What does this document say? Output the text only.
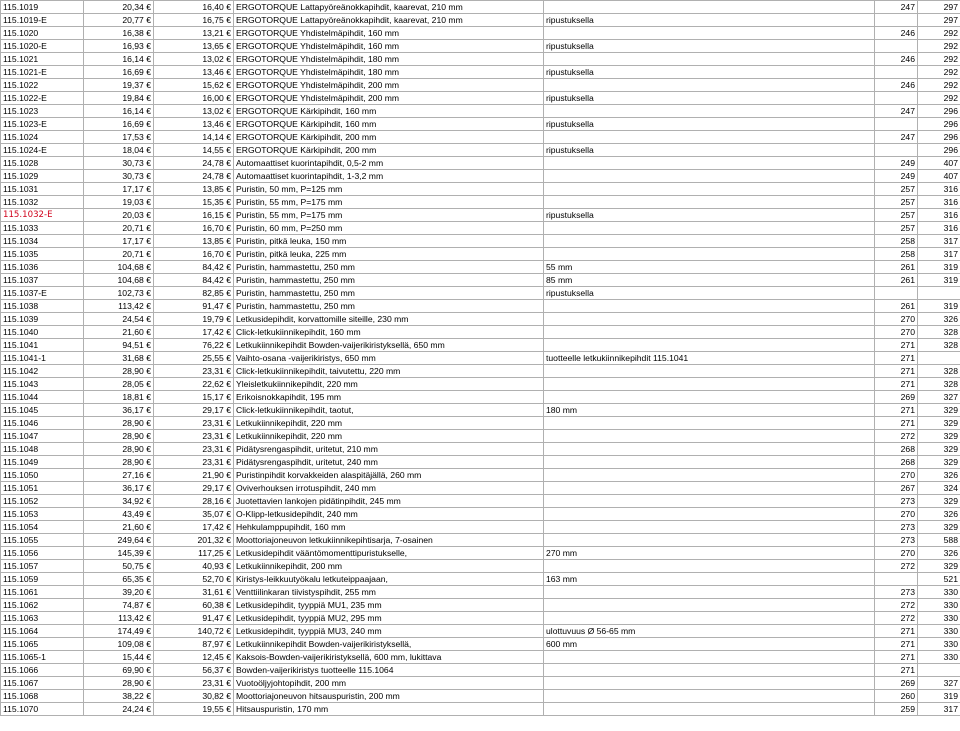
115.1019	20,34 €	16,40 €	ERGOTORQUE Lattapyöreänokkapihdit, kaarevat, 210 mm		247	297
115.1019-E	20,77 €	16,75 €	ERGOTORQUE Lattapyöreänokkapihdit, kaarevat, 210 mm	ripustuksella		297
115.1020	16,38 €	13,21 €	ERGOTORQUE Yhdistelmäpihdit, 160 mm		246	292
115.1020-E	16,93 €	13,65 €	ERGOTORQUE Yhdistelmäpihdit, 160 mm	ripustuksella		292
115.1021	16,14 €	13,02 €	ERGOTORQUE Yhdistelmäpihdit, 180 mm		246	292
115.1021-E	16,69 €	13,46 €	ERGOTORQUE Yhdistelmäpihdit, 180 mm	ripustuksella		292
115.1022	19,37 €	15,62 €	ERGOTORQUE Yhdistelmäpihdit, 200 mm		246	292
115.1022-E	19,84 €	16,00 €	ERGOTORQUE Yhdistelmäpihdit, 200 mm	ripustuksella		292
115.1023	16,14 €	13,02 €	ERGOTORQUE Kärkipihdit, 160 mm		247	296
115.1023-E	16,69 €	13,46 €	ERGOTORQUE Kärkipihdit, 160 mm	ripustuksella		296
115.1024	17,53 €	14,14 €	ERGOTORQUE Kärkipihdit, 200 mm		247	296
115.1024-E	18,04 €	14,55 €	ERGOTORQUE Kärkipihdit, 200 mm	ripustuksella		296
115.1028	30,73 €	24,78 €	Automaattiset kuorintapihdit, 0,5-2 mm		249	407
115.1029	30,73 €	24,78 €	Automaattiset kuorintapihdit, 1-3,2 mm		249	407
115.1031	17,17 €	13,85 €	Puristin, 50 mm, P=125 mm		257	316
115.1032	19,03 €	15,35 €	Puristin, 55 mm, P=175 mm		257	316
115.1032-E	20,03 €	16,15 €	Puristin, 55 mm, P=175 mm	ripustuksella	257	316
115.1033	20,71 €	16,70 €	Puristin, 60 mm, P=250 mm		257	316
115.1034	17,17 €	13,85 €	Puristin, pitkä leuka, 150 mm		258	317
115.1035	20,71 €	16,70 €	Puristin, pitkä leuka, 225 mm		258	317
115.1036	104,68 €	84,42 €	Puristin, hammastettu, 250 mm	55 mm	261	319
115.1037	104,68 €	84,42 €	Puristin, hammastettu, 250 mm	85 mm	261	319
115.1037-E	102,73 €	82,85 €	Puristin, hammastettu, 250 mm	ripustuksella		
115.1038	113,42 €	91,47 €	Puristin, hammastettu, 250 mm		261	319
115.1039	24,54 €	19,79 €	Letkusidepihdit, korvattomille siteille, 230 mm		270	326
115.1040	21,60 €	17,42 €	Click-letkukiinnikepihdit, 160 mm		270	328
115.1041	94,51 €	76,22 €	Letkukiinnikepihdit Bowden-vaijerikiristyksellä, 650 mm		271	328
115.1041-1	31,68 €	25,55 €	Vaihto-osana -vaijerikiristys, 650 mm	tuotteelle letkukiinnikepihdit 115.1041	271	
115.1042	28,90 €	23,31 €	Click-letkukiinnikepihdit, taivutettu, 220 mm		271	328
115.1043	28,05 €	22,62 €	Yleisletkukiinnikepihdit, 220 mm		271	328
115.1044	18,81 €	15,17 €	Erikoisnokkapihdit, 195 mm		269	327
115.1045	36,17 €	29,17 €	Click-letkukiinnikepihdit, taotut,	180 mm	271	329
115.1046	28,90 €	23,31 €	Letkukiinnikepihdit, 220 mm		271	329
115.1047	28,90 €	23,31 €	Letkukiinnikepihdit, 220 mm		272	329
115.1048	28,90 €	23,31 €	Pidätysrengaspihdit, uritetut, 210 mm		268	329
115.1049	28,90 €	23,31 €	Pidätysrengaspihdit, uritetut, 240 mm		268	329
115.1050	27,16 €	21,90 €	Puristinpihdit korvakkeiden alaspitäjällä, 260 mm		270	326
115.1051	36,17 €	29,17 €	Oviverhouksen irrotuspihdit, 240 mm		267	324
115.1052	34,92 €	28,16 €	Juotettavien lankojen pidätinpihdit, 245 mm		273	329
115.1053	43,49 €	35,07 €	O-Klipp-letkusidepihdit, 240 mm		270	326
115.1054	21,60 €	17,42 €	Hehkulamppupihdit, 160 mm		273	329
115.1055	249,64 €	201,32 €	Moottoriajoneuvon letkukiinnikepihtisarja, 7-osainen		273	588
115.1056	145,39 €	117,25 €	Letkusidepihdit vääntömomenttipuristukselle,	270 mm	270	326
115.1057	50,75 €	40,93 €	Letkukiinnikepihdit, 200 mm		272	329
115.1059	65,35 €	52,70 €	Kiristys-leikkuutyökalu letkuteippaajaan,	163 mm		521
115.1061	39,20 €	31,61 €	Venttiilinkaran tiivistyspihdit, 255 mm		273	330
115.1062	74,87 €	60,38 €	Letkusidepihdit, tyyppiä MU1, 235 mm		272	330
115.1063	113,42 €	91,47 €	Letkusidepihdit, tyyppiä MU2, 295 mm		272	330
115.1064	174,49 €	140,72 €	Letkusidepihdit, tyyppiä MU3, 240 mm	ulottuvuus Ø 56-65 mm	271	330
115.1065	109,08 €	87,97 €	Letkukiinnikepihdit Bowden-vaijerikiristyksellä,	600 mm	271	330
115.1065-1	15,44 €	12,45 €	Kaksois-Bowden-vaijerikiristyksellä, 600 mm, lukittava		271	330
115.1066	69,90 €	56,37 €	Bowden-vaijerikiristys tuotteelle 115.1064		271	
115.1067	28,90 €	23,31 €	Vuotoöljyjohtopihdit, 200 mm		269	327
115.1068	38,22 €	30,82 €	Moottoriajoneuvon hitsauspuristin, 200 mm		260	319
115.1070	24,24 €	19,55 €	Hitsauspuristin, 170 mm		259	317
